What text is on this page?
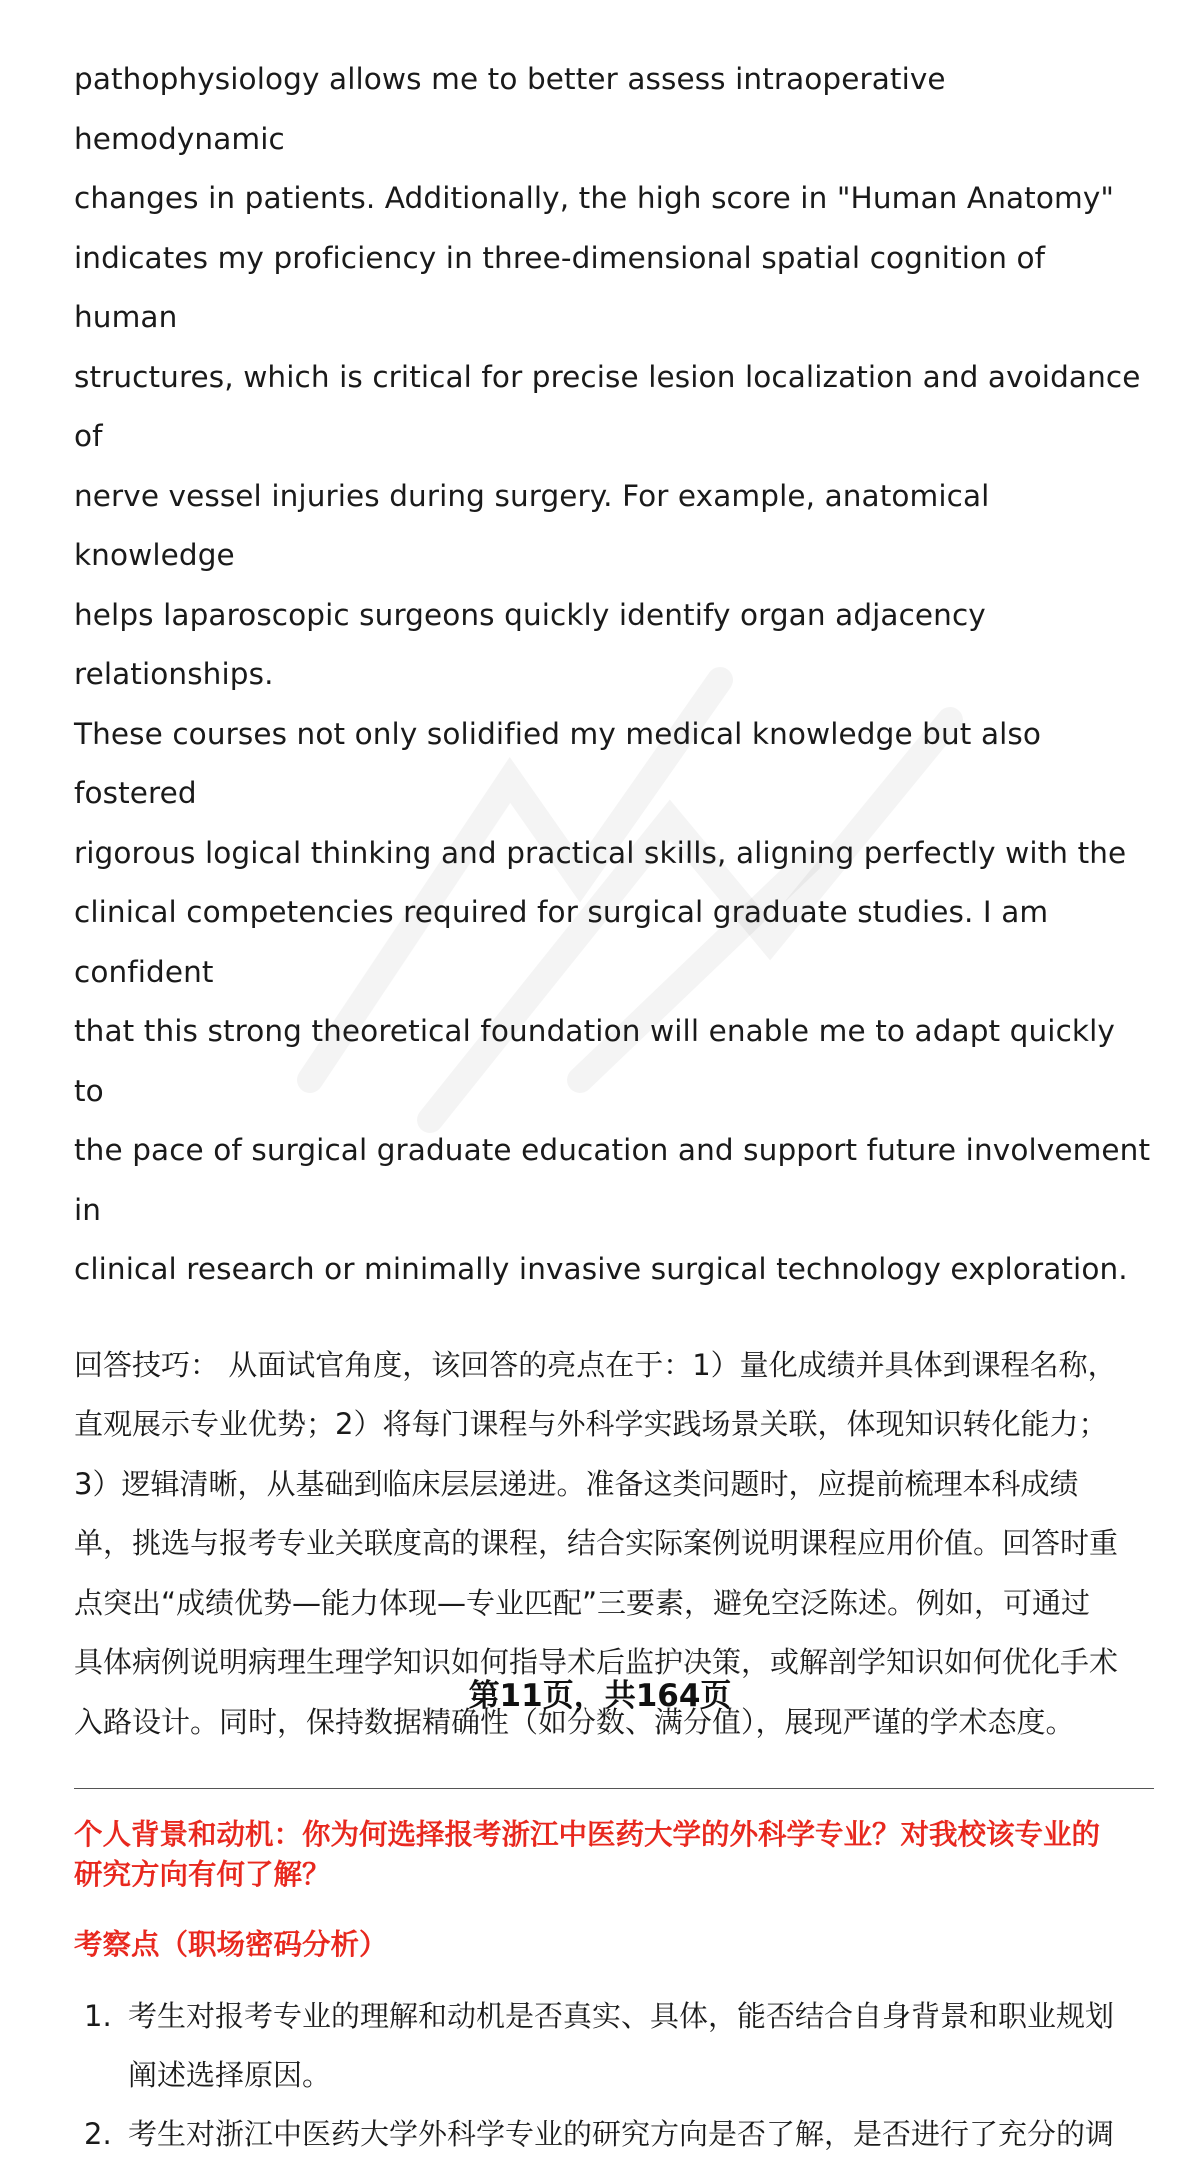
pathophysiology allows me to better assess intraoperative hemodynamic
changes in patients. Additionally, the high score in "Human Anatomy"
indicates my proficiency in three-dimensional spatial cognition of human
structures, which is critical for precise lesion localization and avoidance of
nerve vessel injuries during surgery. For example, anatomical knowledge
helps laparoscopic surgeons quickly identify organ adjacency relationships.
These courses not only solidified my medical knowledge but also fostered
rigorous logical thinking and practical skills, aligning perfectly with the
clinical competencies required for surgical graduate studies. I am confident
that this strong theoretical foundation will enable me to adapt quickly to
the pace of surgical graduate education and support future involvement in
clinical research or minimally invasive surgical technology exploration.
回答技巧： 从面试官角度，该回答的亮点在于：1）量化成绩并具体到课程名称，
直观展示专业优势；2）将每门课程与外科学实践场景关联，体现知识转化能力；
3）逻辑清晰，从基础到临床层层递进。准备这类问题时，应提前梳理本科成绩
单，挑选与报考专业关联度高的课程，结合实际案例说明课程应用价值。回答时重
点突出“成绩优势—能力体现—专业匹配”三要素，避免空泛陈述。例如，可通过
具体病例说明病理生理学知识如何指导术后监护决策，或解剖学知识如何优化手术
入路设计。同时，保持数据精确性（如分数、满分值），展现严谨的学术态度。
个人背景和动机：你为何选择报考浙江中医药大学的外科学专业？对我校该专业的
研究方向有何了解？
考察点（职场密码分析）
1. 考生对报考专业的理解和动机是否真实、具体，能否结合自身背景和职业规划
阐述选择原因。
2. 考生对浙江中医药大学外科学专业的研究方向是否了解，是否进行了充分的调
第11页，共164页
